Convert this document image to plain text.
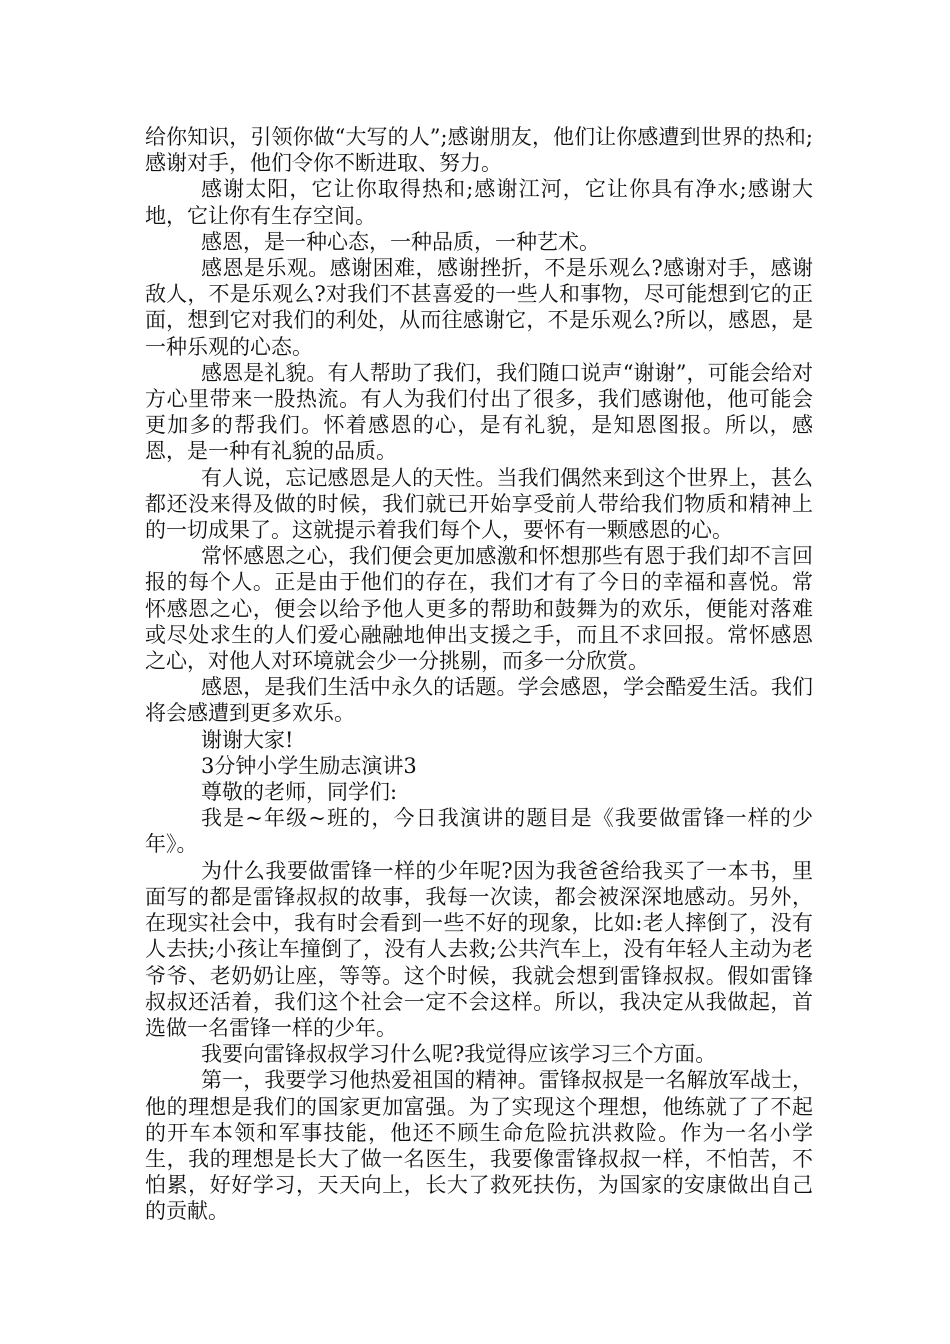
给你知识，引领你做“大写的人”;感谢朋友，他们让你感遭到世界的热和;感谢对手，他们令你不断进取、努力。

感谢太阳，它让你取得热和;感谢江河，它让你具有净水;感谢大地，它让你有生存空间。

感恩，是一种心态，一种品质，一种艺术。

感恩是乐观。感谢困难，感谢挫折，不是乐观么?感谢对手，感谢敌人，不是乐观么?对我们不甚喜爱的一些人和事物，尽可能想到它的正面，想到它对我们的利处，从而往感谢它，不是乐观么?所以，感恩，是一种乐观的心态。

感恩是礼貌。有人帮助了我们，我们随口说声“谢谢”，可能会给对方心里带来一股热流。有人为我们付出了很多，我们感谢他，他可能会更加多的帮我们。怀着感恩的心，是有礼貌，是知恩图报。所以，感恩，是一种有礼貌的品质。

有人说，忘记感恩是人的天性。当我们偶然来到这个世界上，甚么都还没来得及做的时候，我们就已开始享受前人带给我们物质和精神上的一切成果了。这就提示着我们每个人，要怀有一颗感恩的心。

常怀感恩之心，我们便会更加感激和怀想那些有恩于我们却不言回报的每个人。正是由于他们的存在，我们才有了今日的幸福和喜悦。常怀感恩之心，便会以给予他人更多的帮助和鼓舞为的欢乐，便能对落难或尽处求生的人们爱心融融地伸出支援之手，而且不求回报。常怀感恩之心，对他人对环境就会少一分挑剔，而多一分欣赏。

感恩，是我们生活中永久的话题。学会感恩，学会酷爱生活。我们将会感遭到更多欢乐。

谢谢大家!

3分钟小学生励志演讲3

尊敬的老师，同学们:

我是~年级~班的，今日我演讲的题目是《我要做雷锋一样的少年》。

为什么我要做雷锋一样的少年呢?因为我爸爸给我买了一本书，里面写的都是雷锋叔叔的故事，我每一次读，都会被深深地感动。另外，在现实社会中，我有时会看到一些不好的现象，比如:老人摔倒了，没有人去扶;小孩让车撞倒了，没有人去救;公共汽车上，没有年轻人主动为老爷爷、老奶奶让座，等等。这个时候，我就会想到雷锋叔叔。假如雷锋叔叔还活着，我们这个社会一定不会这样。所以，我决定从我做起，首选做一名雷锋一样的少年。

我要向雷锋叔叔学习什么呢?我觉得应该学习三个方面。

第一，我要学习他热爱祖国的精神。雷锋叔叔是一名解放军战士，他的理想是我们的国家更加富强。为了实现这个理想，他练就了了不起的开车本领和军事技能，他还不顾生命危险抗洪救险。作为一名小学生，我的理想是长大了做一名医生，我要像雷锋叔叔一样，不怕苦，不怕累，好好学习，天天向上，长大了救死扶伤，为国家的安康做出自己的贡献。
